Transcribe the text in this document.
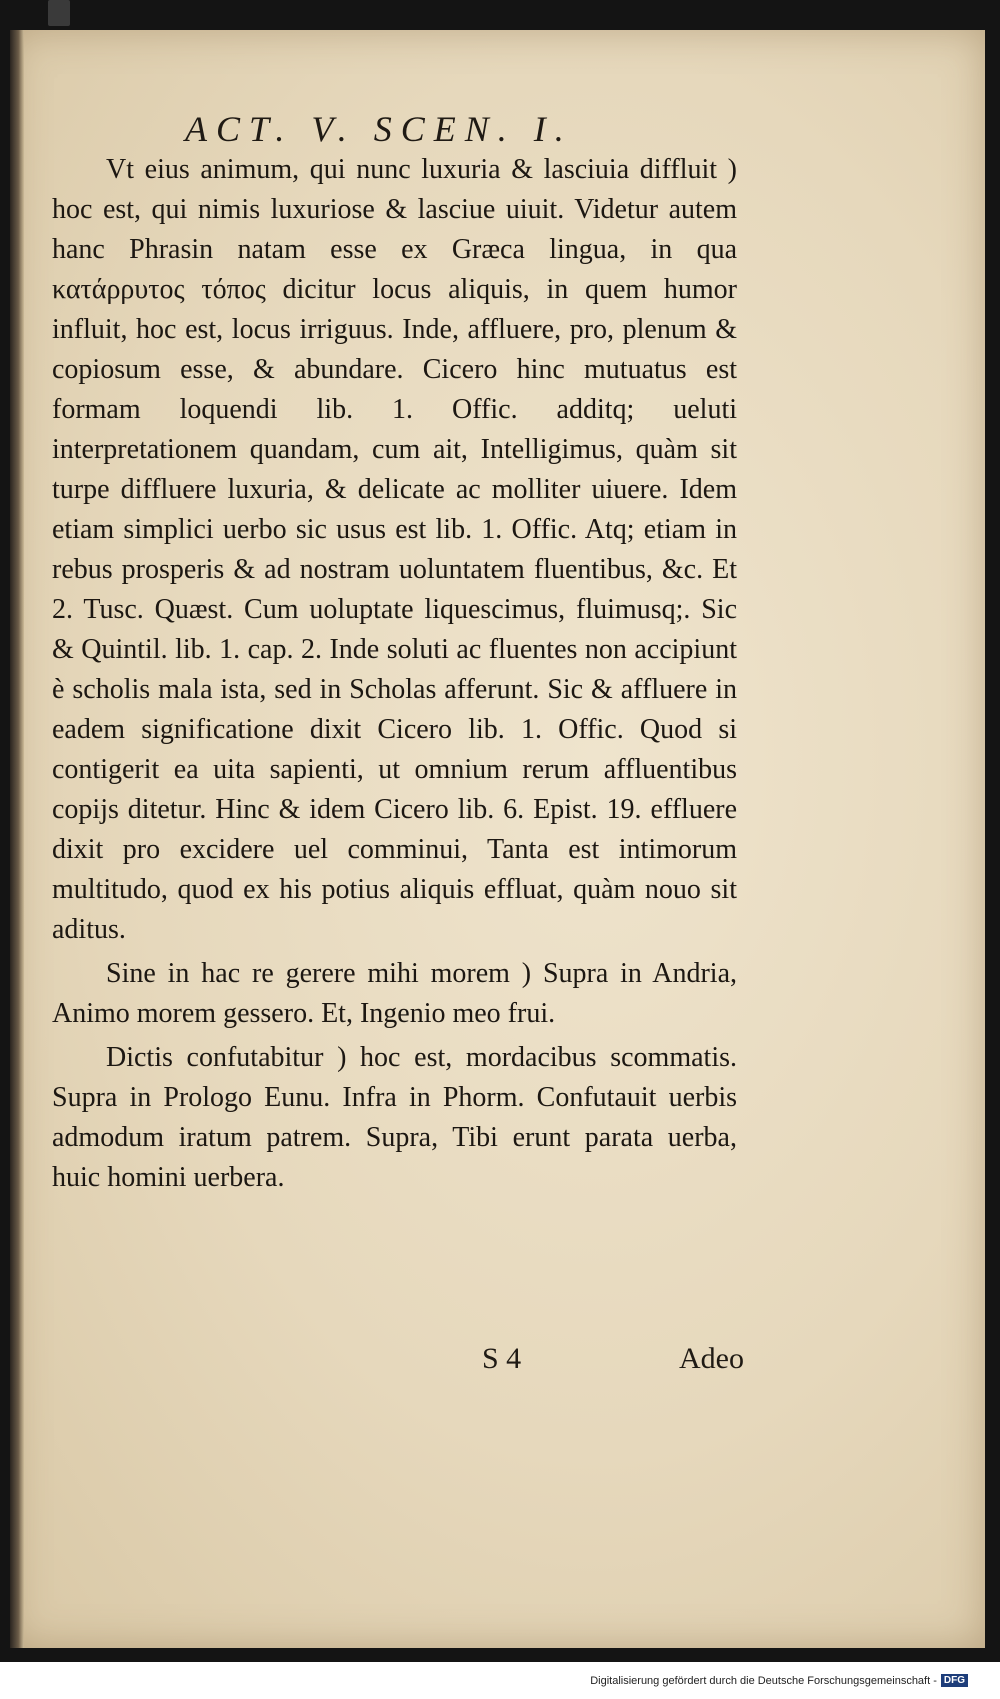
ACT. V. SCEN. I.

Vt eius animum, qui nunc luxuria & lasciuia diffluit ) hoc est, qui nimis luxuriose & lasciue uiuit. Videtur autem hanc Phrasin natam esse ex Græca lingua, in qua κατάρρυτος τόπος dicitur locus aliquis, in quem humor influit, hoc est, locus irriguus. Inde, affluere, pro, plenum & copiosum esse, & abundare. Cicero hinc mutuatus est formam loquendi lib. 1. Offic. additq; ueluti interpretationem quandam, cum ait, Intelligimus, quàm sit turpe diffluere luxuria, & delicate ac molliter uiuere. Idem etiam simplici uerbo sic usus est lib. 1. Offic. Atq; etiam in rebus prosperis & ad nostram uoluntatem fluentibus, &c. Et 2. Tusc. Quæst. Cum uoluptate liquescimus, fluimusq;. Sic & Quintil. lib. 1. cap. 2. Inde soluti ac fluentes non accipiunt è scholis mala ista, sed in Scholas afferunt. Sic & affluere in eadem significatione dixit Cicero lib. 1. Offic. Quod si contigerit ea uita sapienti, ut omnium rerum affluentibus copijs ditetur. Hinc & idem Cicero lib. 6. Epist. 19. effluere dixit pro excidere uel comminui, Tanta est intimorum multitudo, quod ex his potius aliquis effluat, quàm nouo sit aditus.

Sine in hac re gerere mihi morem ) Supra in Andria, Animo morem gessero. Et, Ingenio meo frui.

Dictis confutabitur ) hoc est, mordacibus scommatis. Supra in Prologo Eunu. Infra in Phorm. Confutauit uerbis admodum iratum patrem. Supra, Tibi erunt parata uerba, huic homini uerbera.

S 4	Adeo
Digitalisierung gefördert durch die Deutsche Forschungsgemeinschaft - DFG
